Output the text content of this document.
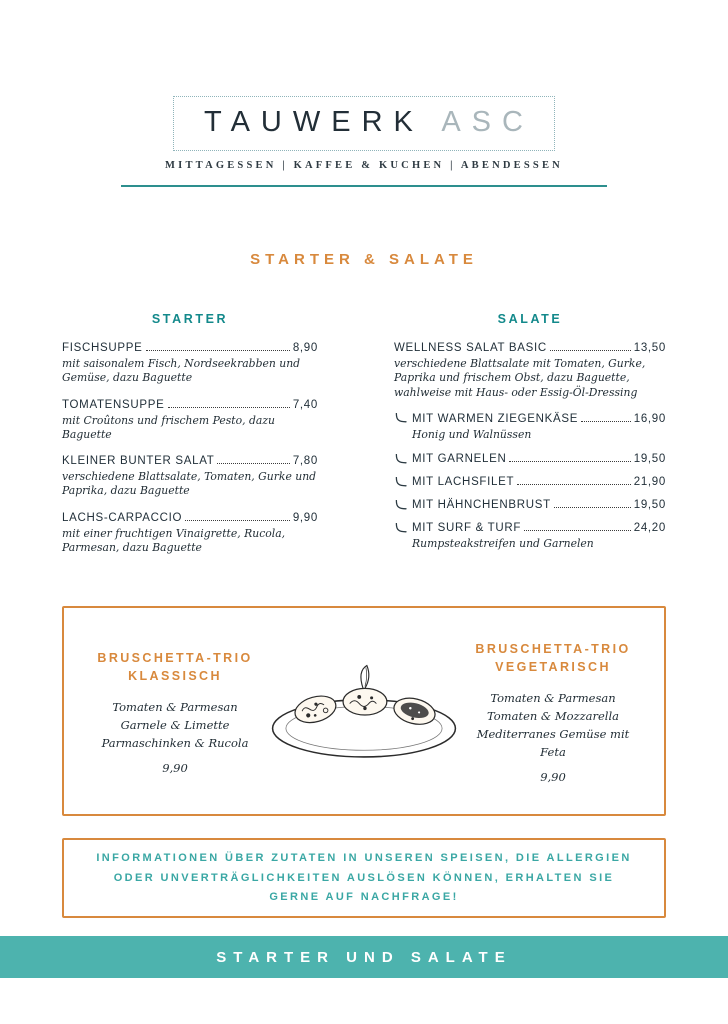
TAUWERK ASC
MITTAGESSEN | KAFFEE & KUCHEN | ABENDESSEN
STARTER & SALATE
STARTER
FISCHSUPPE	8,90
mit saisonalem Fisch, Nordseekrabben und Gemüse, dazu Baguette
TOMATENSUPPE	7,40
mit Croûtons und frischem Pesto, dazu Baguette
KLEINER BUNTER SALAT	7,80
verschiedene Blattsalate, Tomaten, Gurke und Paprika, dazu Baguette
LACHS-CARPACCIO	9,90
mit einer fruchtigen Vinaigrette, Rucola, Parmesan, dazu Baguette
SALATE
WELLNESS SALAT BASIC	13,50
verschiedene Blattsalate mit Tomaten, Gurke, Paprika und frischem Obst, dazu Baguette, wahlweise mit Haus- oder Essig-Öl-Dressing
MIT WARMEN ZIEGENKÄSE	16,90
Honig und Walnüssen
MIT GARNELEN	19,50
MIT LACHSFILET	21,90
MIT HÄHNCHENBRUST	19,50
MIT SURF & TURF	24,20
Rumpsteakstreifen und Garnelen
BRUSCHETTA-TRIO
KLASSISCH
Tomaten & Parmesan
Garnele & Limette
Parmaschinken & Rucola
9,90
BRUSCHETTA-TRIO
VEGETARISCH
Tomaten & Parmesan
Tomaten & Mozzarella
Mediterranes Gemüse mit Feta
9,90
INFORMATIONEN ÜBER ZUTATEN IN UNSEREN SPEISEN, DIE ALLERGIEN ODER UNVERTRÄGLICHKEITEN AUSLÖSEN KÖNNEN, ERHALTEN SIE GERNE AUF NACHFRAGE!
STARTER UND SALATE
